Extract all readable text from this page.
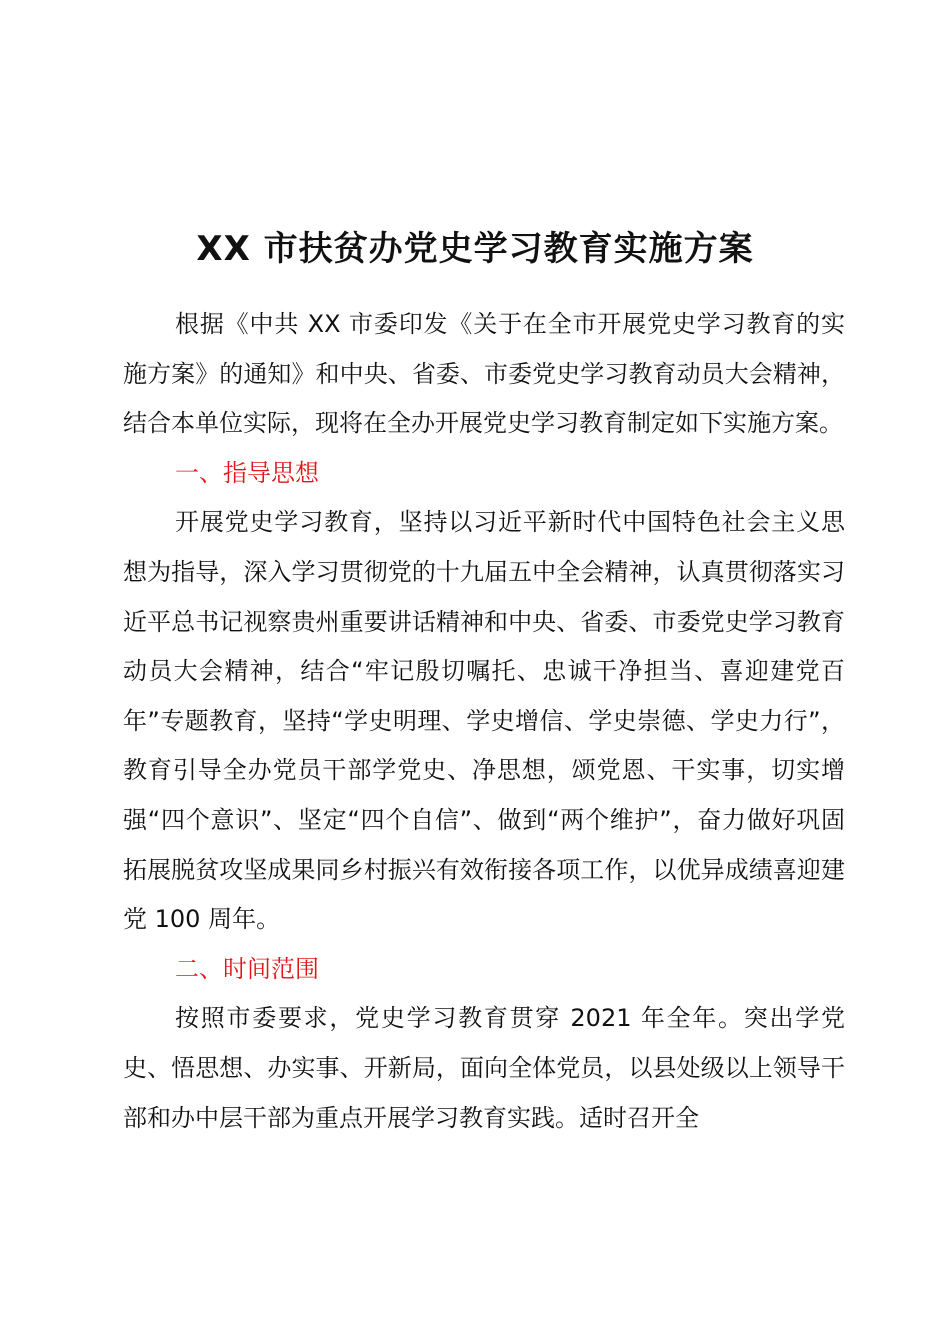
XX 市扶贫办党史学习教育实施方案

根据《中共 XX 市委印发《关于在全市开展党史学习教育的实施方案》的通知》和中央、省委、市委党史学习教育动员大会精神，结合本单位实际，现将在全办开展党史学习教育制定如下实施方案。

一、指导思想

开展党史学习教育，坚持以习近平新时代中国特色社会主义思想为指导，深入学习贯彻党的十九届五中全会精神，认真贯彻落实习近平总书记视察贵州重要讲话精神和中央、省委、市委党史学习教育动员大会精神，结合“牢记殷切嘱托、忠诚干净担当、喜迎建党百年”专题教育，坚持“学史明理、学史增信、学史崇德、学史力行”，教育引导全办党员干部学党史、净思想，颂党恩、干实事，切实增强“四个意识”、坚定“四个自信”、做到“两个维护”，奋力做好巩固拓展脱贫攻坚成果同乡村振兴有效衔接各项工作，以优异成绩喜迎建党 100 周年。

二、时间范围

按照市委要求，党史学习教育贯穿 2021 年全年。突出学党史、悟思想、办实事、开新局，面向全体党员，以县处级以上领导干部和办中层干部为重点开展学习教育实践。适时召开全
